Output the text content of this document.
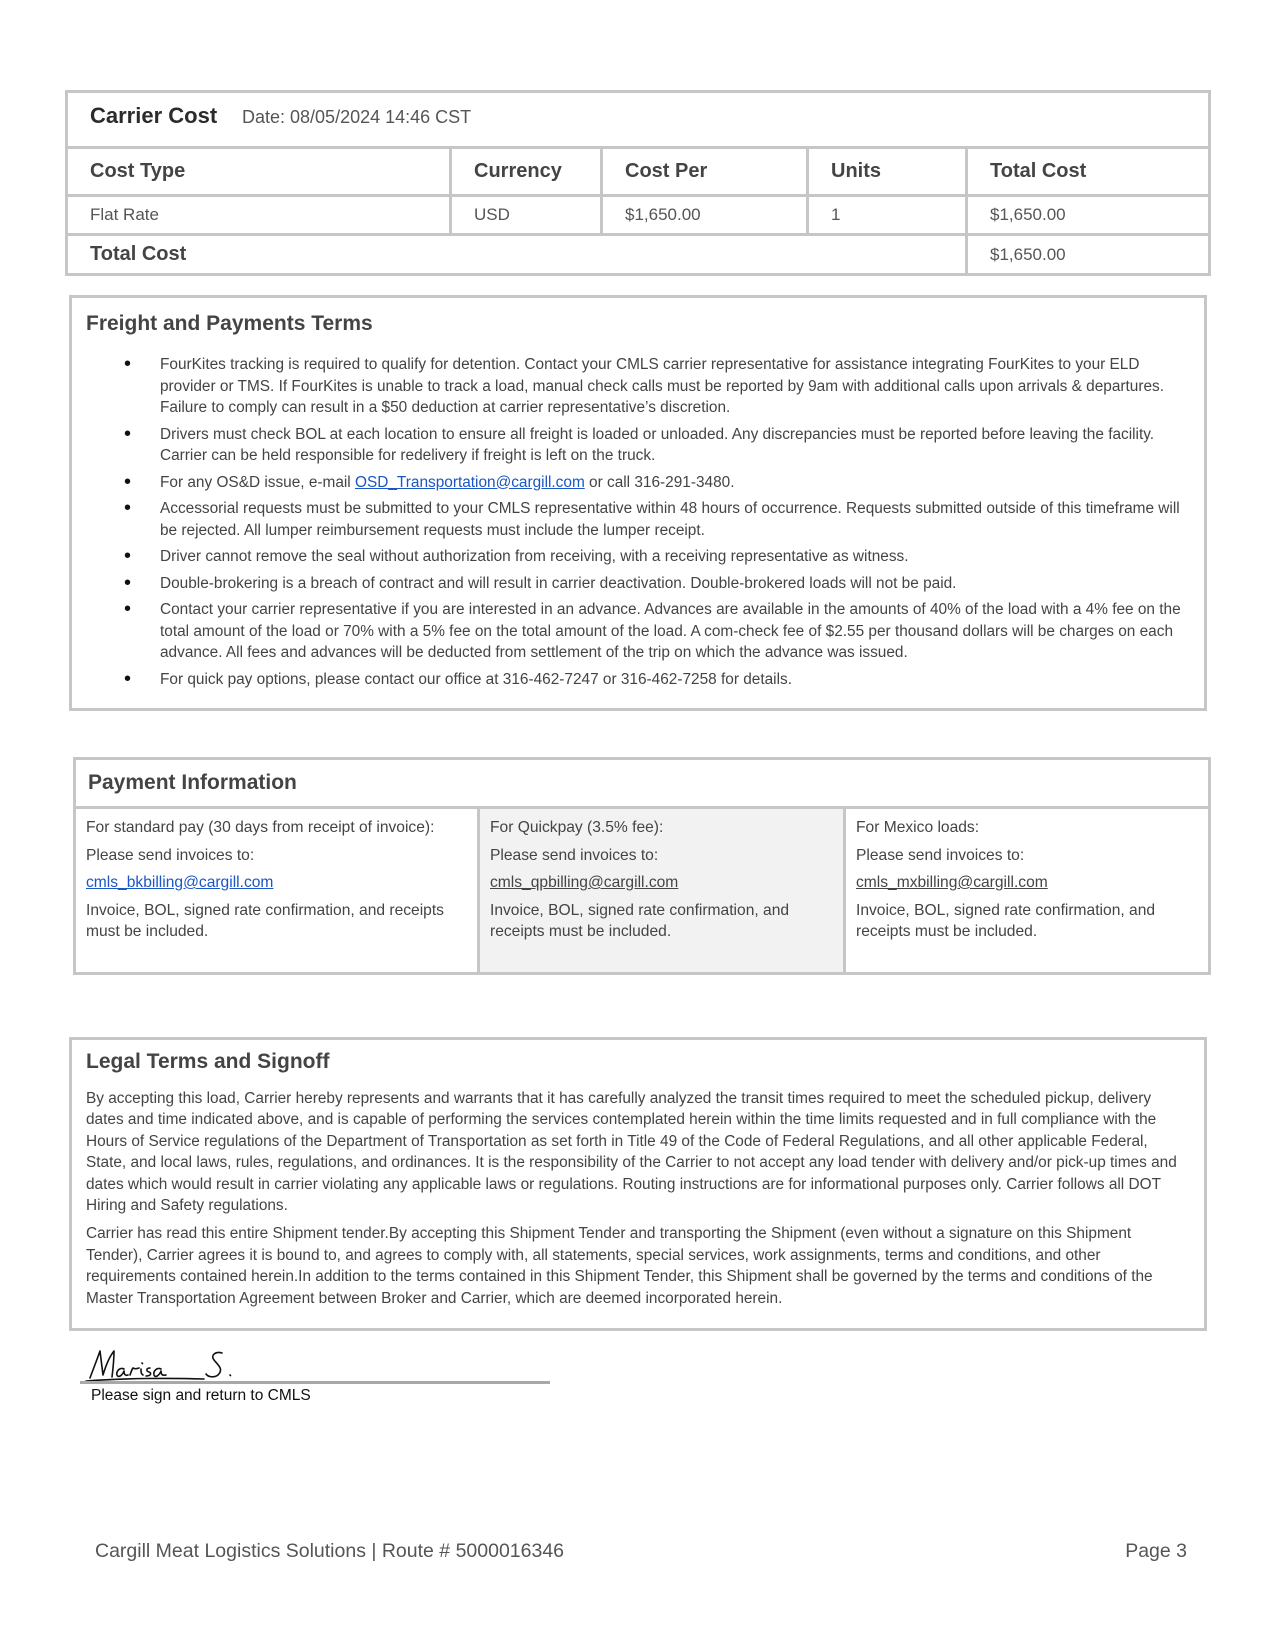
Carrier Cost Date: 08/05/2024 14:46 CST
Cost Type	Currency	Cost Per	Units	Total Cost
Flat Rate	USD	$1,650.00	1	$1,650.00
Total Cost	$1,650.00
Freight and Payments Terms
• FourKites tracking is required to qualify for detention. Contact your CMLS carrier representative for assistance integrating FourKites to your ELD provider or TMS. If FourKites is unable to track a load, manual check calls must be reported by 9am with additional calls upon arrivals & departures. Failure to comply can result in a $50 deduction at carrier representative’s discretion.
• Drivers must check BOL at each location to ensure all freight is loaded or unloaded. Any discrepancies must be reported before leaving the facility. Carrier can be held responsible for redelivery if freight is left on the truck.
• For any OS&D issue, e-mail OSD_Transportation@cargill.com or call 316-291-3480.
• Accessorial requests must be submitted to your CMLS representative within 48 hours of occurrence. Requests submitted outside of this timeframe will be rejected. All lumper reimbursement requests must include the lumper receipt.
• Driver cannot remove the seal without authorization from receiving, with a receiving representative as witness.
• Double-brokering is a breach of contract and will result in carrier deactivation. Double-brokered loads will not be paid.
• Contact your carrier representative if you are interested in an advance. Advances are available in the amounts of 40% of the load with a 4% fee on the total amount of the load or 70% with a 5% fee on the total amount of the load. A com-check fee of $2.55 per thousand dollars will be charges on each advance. All fees and advances will be deducted from settlement of the trip on which the advance was issued.
• For quick pay options, please contact our office at 316-462-7247 or 316-462-7258 for details.
Payment Information

For standard pay (30 days from receipt of invoice):

Please send invoices to:

cmls_bkbilling@cargill.com

Invoice, BOL, signed rate confirmation, and receipts must be included.

For Quickpay (3.5% fee):

Please send invoices to:

cmls_qpbilling@cargill.com

Invoice, BOL, signed rate confirmation, and receipts must be included.

For Mexico loads:

Please send invoices to:

cmls_mxbilling@cargill.com

Invoice, BOL, signed rate confirmation, and receipts must be included.

Legal Terms and Signoff

By accepting this load, Carrier hereby represents and warrants that it has carefully analyzed the transit times required to meet the scheduled pickup, delivery dates and time indicated above, and is capable of performing the services contemplated herein within the time limits requested and in full compliance with the Hours of Service regulations of the Department of Transportation as set forth in Title 49 of the Code of Federal Regulations, and all other applicable Federal, State, and local laws, rules, regulations, and ordinances. It is the responsibility of the Carrier to not accept any load tender with delivery and/or pick-up times and dates which would result in carrier violating any applicable laws or regulations. Routing instructions are for informational purposes only. Carrier follows all DOT Hiring and Safety regulations.

Carrier has read this entire Shipment tender.By accepting this Shipment Tender and transporting the Shipment (even without a signature on this Shipment Tender), Carrier agrees it is bound to, and agrees to comply with, all statements, special services, work assignments, terms and conditions, and other requirements contained herein.In addition to the terms contained in this Shipment Tender, this Shipment shall be governed by the terms and conditions of the Master Transportation Agreement between Broker and Carrier, which are deemed incorporated herein.

Please sign and return to CMLS
Cargill Meat Logistics Solutions | Route # 5000016346	Page 3
